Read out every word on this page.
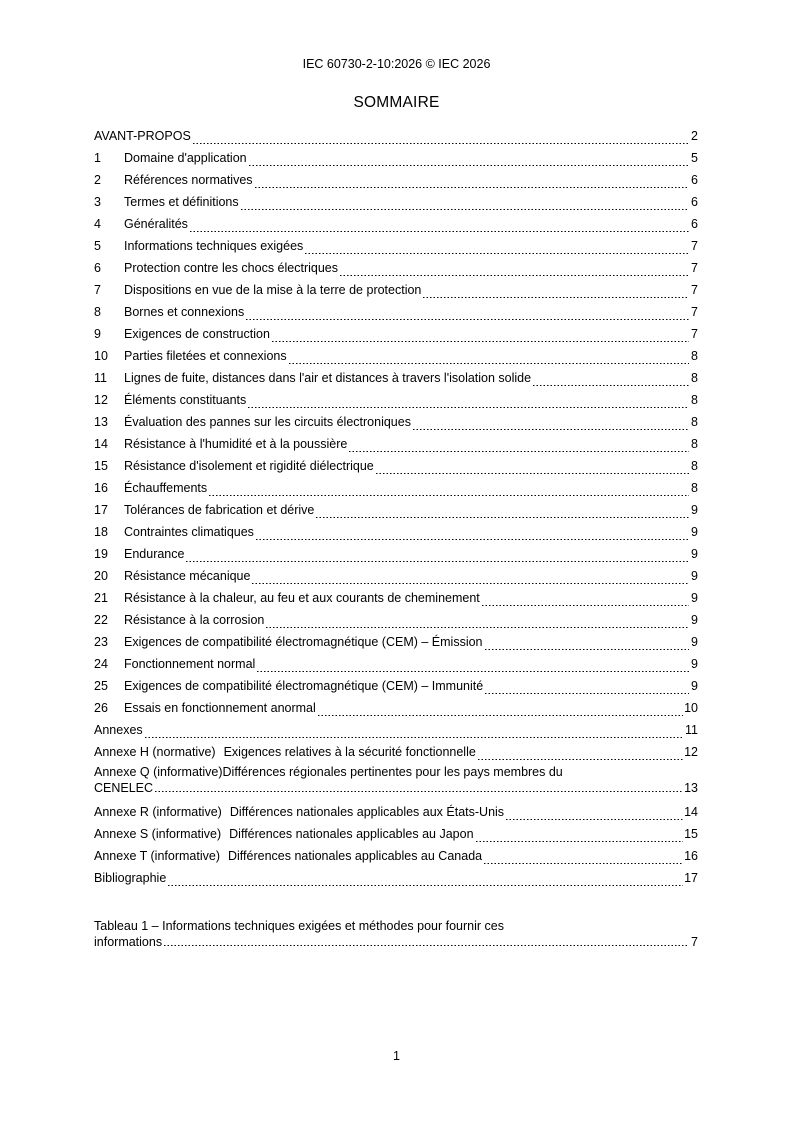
IEC 60730-2-10:2026 © IEC 2026
SOMMAIRE
AVANT-PROPOS	2
1	Domaine d'application	5
2	Références normatives	6
3	Termes et définitions	6
4	Généralités	6
5	Informations techniques exigées	7
6	Protection contre les chocs électriques	7
7	Dispositions en vue de la mise à la terre de protection	7
8	Bornes et connexions	7
9	Exigences de construction	7
10	Parties filetées et connexions	8
11	Lignes de fuite, distances dans l'air et distances à travers l'isolation solide	8
12	Éléments constituants	8
13	Évaluation des pannes sur les circuits électroniques	8
14	Résistance à l'humidité et à la poussière	8
15	Résistance d'isolement et rigidité diélectrique	8
16	Échauffements	8
17	Tolérances de fabrication et dérive	9
18	Contraintes climatiques	9
19	Endurance	9
20	Résistance mécanique	9
21	Résistance à la chaleur, au feu et aux courants de cheminement	9
22	Résistance à la corrosion	9
23	Exigences de compatibilité électromagnétique (CEM) – Émission	9
24	Fonctionnement normal	9
25	Exigences de compatibilité électromagnétique (CEM) – Immunité	9
26	Essais en fonctionnement anormal	10
Annexes	11
Annexe H (normative) Exigences relatives à la sécurité fonctionnelle	12
Annexe Q (informative)Différences régionales pertinentes pour les pays membres du
CENELEC	13
Annexe R (informative) Différences nationales applicables aux États-Unis	14
Annexe S (informative) Différences nationales applicables au Japon	15
Annexe T (informative) Différences nationales applicables au Canada	16
Bibliographie	17
Tableau 1 – Informations techniques exigées et méthodes pour fournir ces
informations	7
1
